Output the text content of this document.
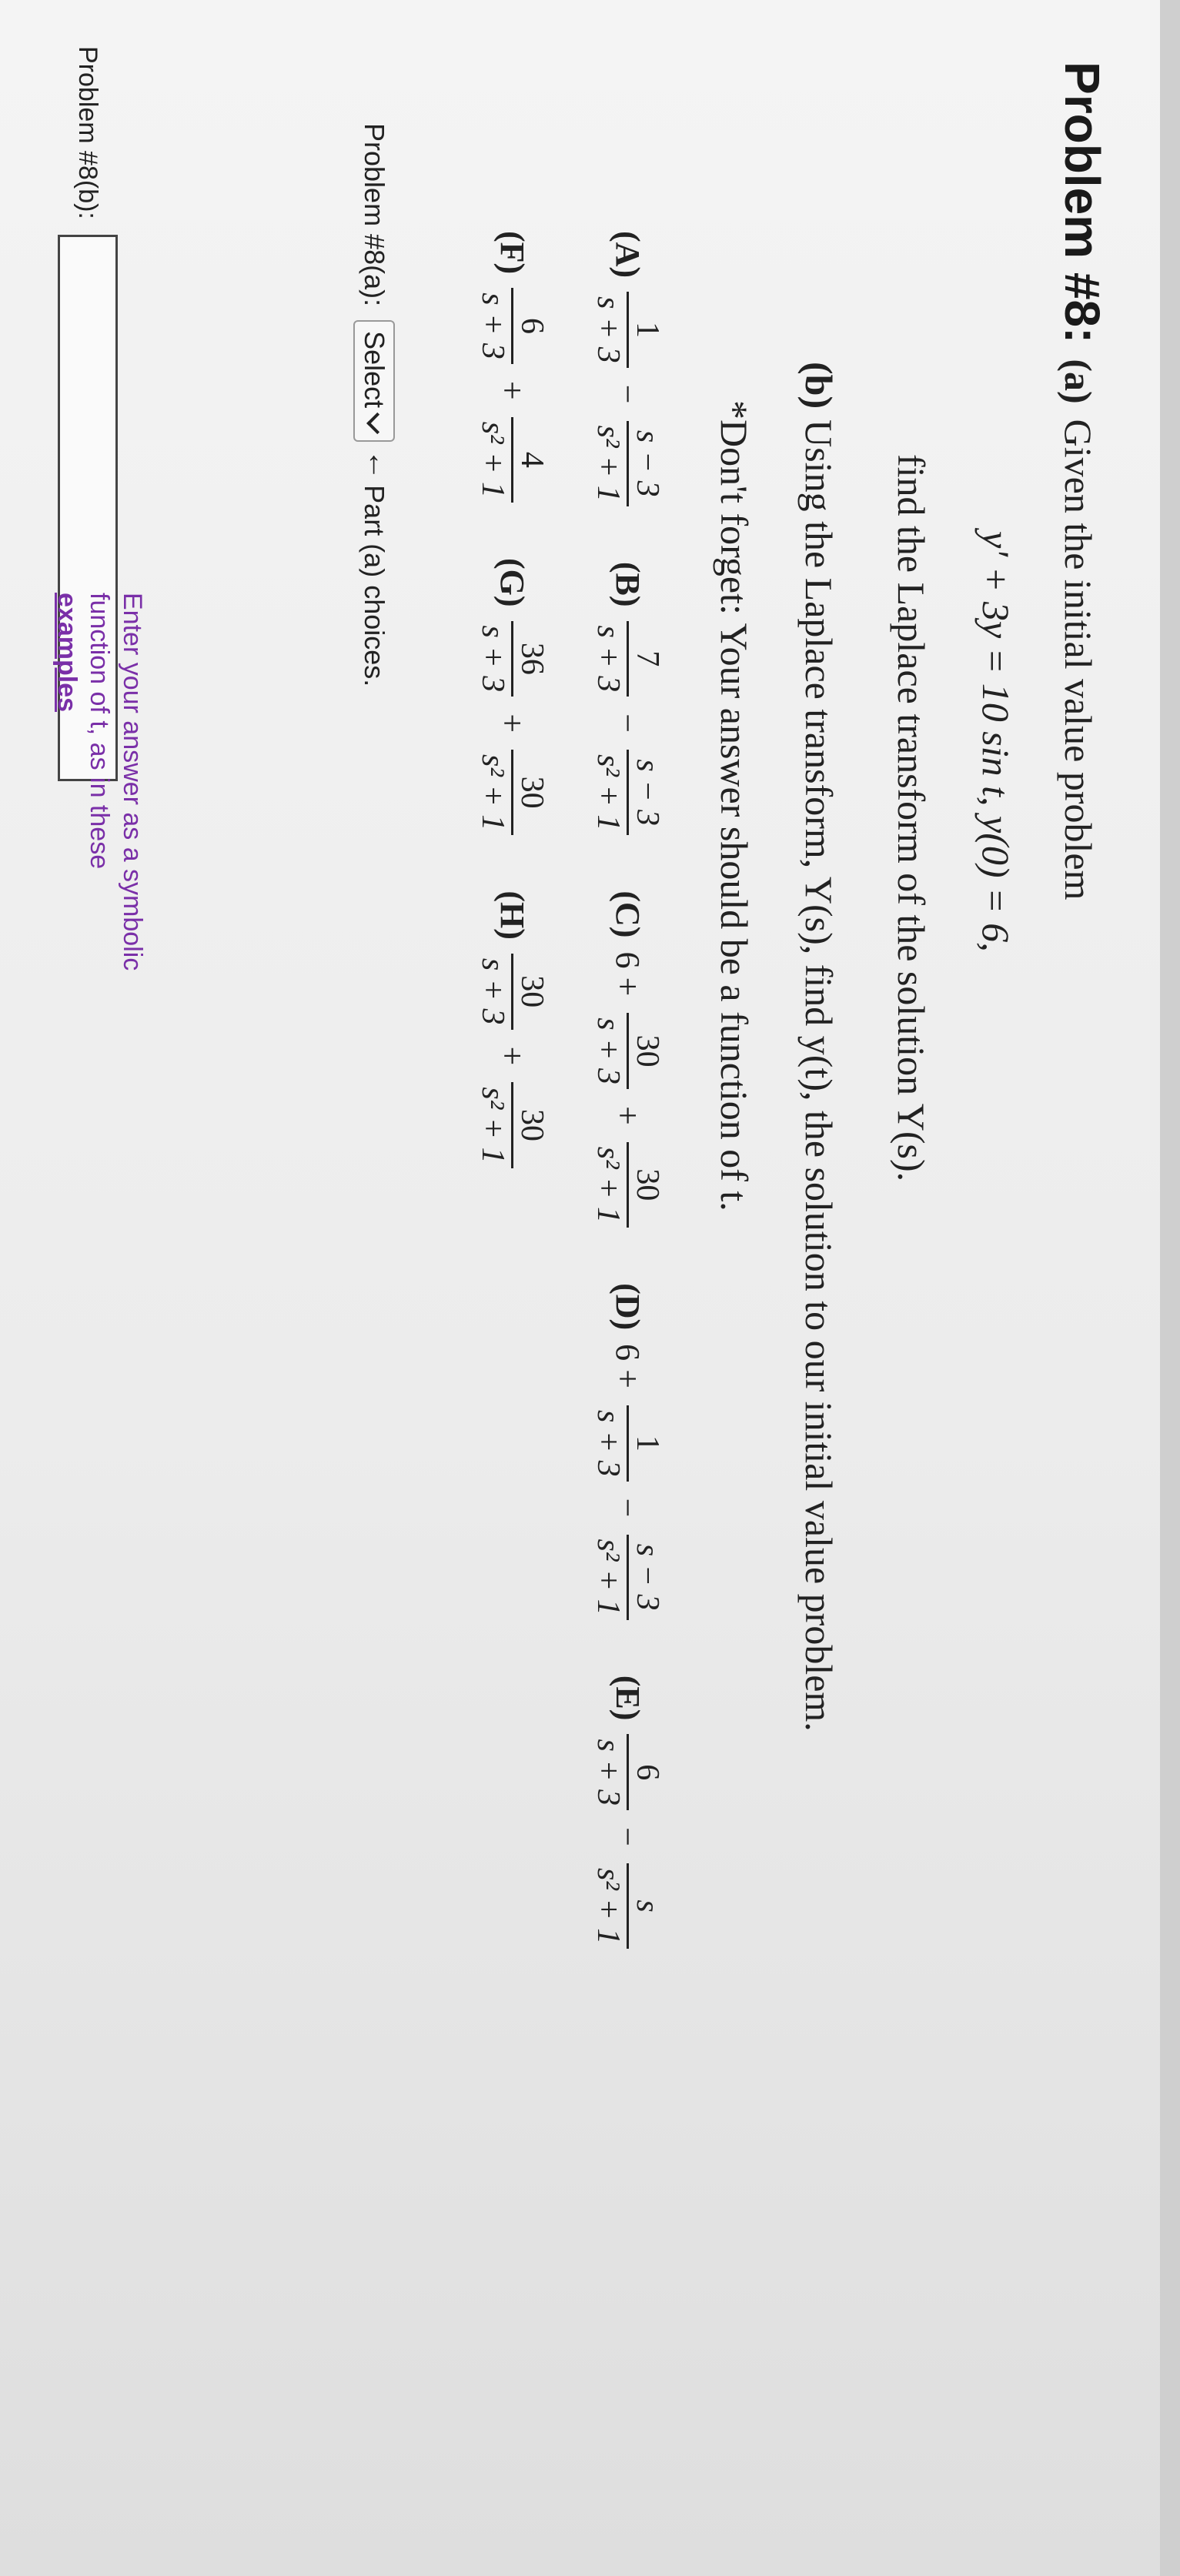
Problem #8:
(a)
Given the initial value problem
y′ + 3y = 10 sin t, y(0) = 6,
find the Laplace transform of the solution Y(s).
(b)
Using the Laplace transform, Y(s), find y(t), the solution to our initial value problem.
*Don't forget: Your answer should be a function of t.
(A)
1
s + 3
−
s − 3
s² + 1
(B)
7
s + 3
−
s − 3
s² + 1
(C)
6 +
30
s + 3
+
30
s² + 1
(D)
6 +
1
s + 3
−
s − 3
s² + 1
(E)
6
s + 3
−
s
s² + 1
(F)
6
s + 3
+
4
s² + 1
(G)
36
s + 3
+
30
s² + 1
(H)
30
s + 3
+
30
s² + 1
Problem #8(a):
Select
↑
Part (a) choices.
Problem #8(b):
Enter your answer as a symbolic
function of t, as in these
examples
